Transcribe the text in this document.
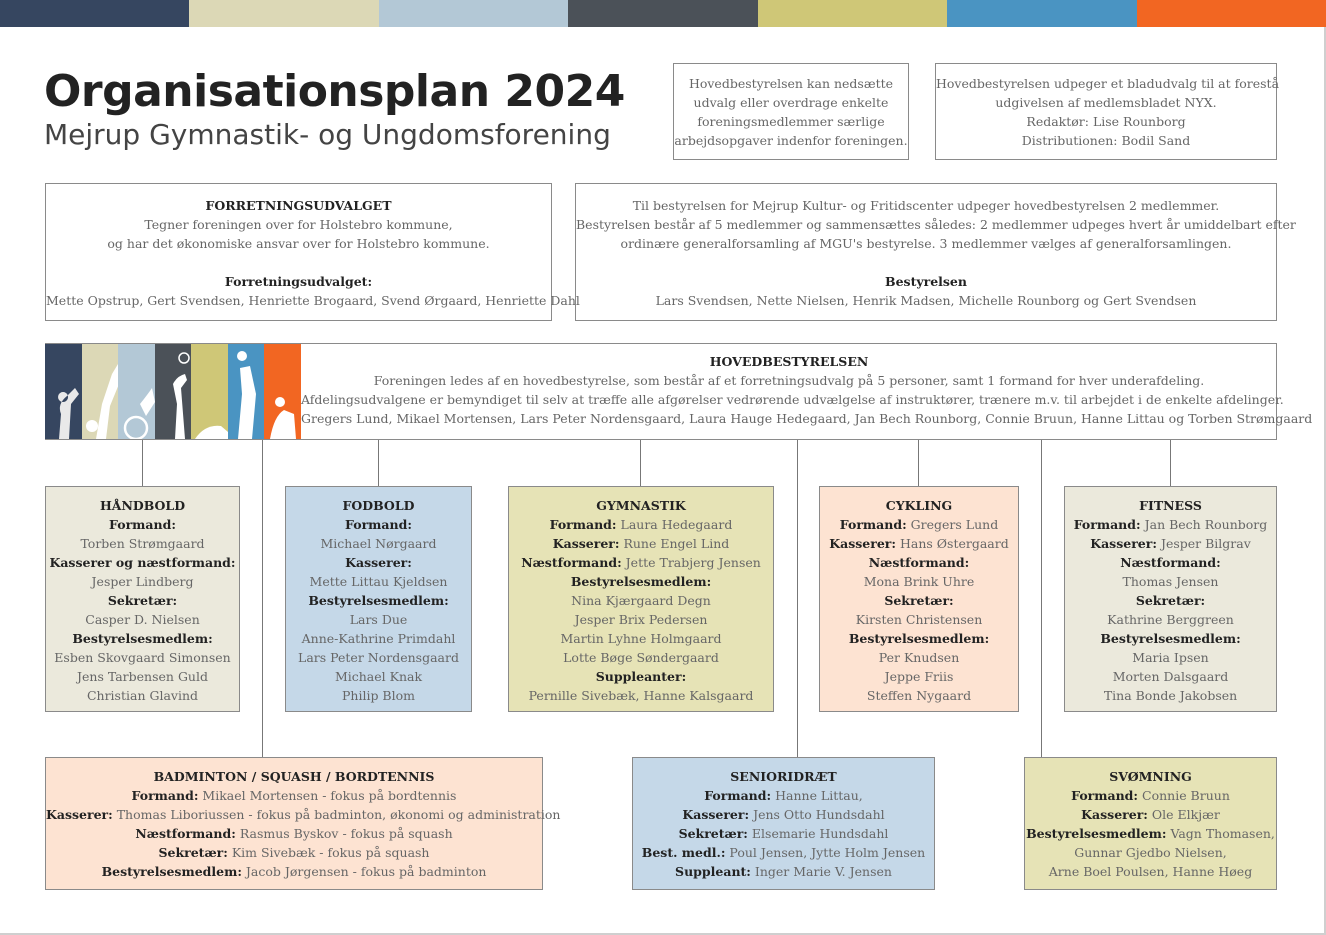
Organisationsplan 2024
Mejrup Gymnastik- og Ungdomsforening
Hovedbestyrelsen kan nedsætte
udvalg eller overdrage enkelte
foreningsmedlemmer særlige
arbejdsopgaver indenfor foreningen.
Hovedbestyrelsen udpeger et bladudvalg til at forestå
udgivelsen af medlemsbladet NYX.
Redaktør: Lise Rounborg
Distributionen: Bodil Sand
FORRETNINGSUDVALGET
Tegner foreningen over for Holstebro kommune,
og har det økonomiske ansvar over for Holstebro kommune.

Forretningsudvalget:
Mette Opstrup, Gert Svendsen, Henriette Brogaard, Svend Ørgaard, Henriette Dahl
Til bestyrelsen for Mejrup Kultur- og Fritidscenter udpeger hovedbestyrelsen 2 medlemmer.
Bestyrelsen består af 5 medlemmer og sammensættes således: 2 medlemmer udpeges hvert år umiddelbart efter
ordinære generalforsamling af MGU's bestyrelse. 3 medlemmer vælges af generalforsamlingen.

Bestyrelsen
Lars Svendsen, Nette Nielsen, Henrik Madsen, Michelle Rounborg og Gert Svendsen
HOVEDBESTYRELSEN
Foreningen ledes af en hovedbestyrelse, som består af et forretningsudvalg på 5 personer, samt 1 formand for hver underafdeling.
Afdelingsudvalgene er bemyndiget til selv at træffe alle afgørelser vedrørende udvælgelse af instruktører, trænere m.v. til arbejdet i de enkelte afdelinger.
Gregers Lund, Mikael Mortensen, Lars Peter Nordensgaard, Laura Hauge Hedegaard, Jan Bech Rounborg, Connie Bruun, Hanne Littau og Torben Strømgaard
HÅNDBOLD
Formand:
Torben Strømgaard
Kasserer og næstformand:
Jesper Lindberg
Sekretær:
Casper D. Nielsen
Bestyrelsesmedlem:
Esben Skovgaard Simonsen
Jens Tarbensen Guld
Christian Glavind
FODBOLD
Formand:
Michael Nørgaard
Kasserer:
Mette Littau Kjeldsen
Bestyrelsesmedlem:
Lars Due
Anne-Kathrine Primdahl
Lars Peter Nordensgaard
Michael Knak
Philip Blom
GYMNASTIK
Formand: Laura Hedegaard
Kasserer: Rune Engel Lind
Næstformand: Jette Trabjerg Jensen
Bestyrelsesmedlem:
Nina Kjærgaard Degn
Jesper Brix Pedersen
Martin Lyhne Holmgaard
Lotte Bøge Søndergaard
Suppleanter:
Pernille Sivebæk, Hanne Kalsgaard
CYKLING
Formand: Gregers Lund
Kasserer: Hans Østergaard
Næstformand:
Mona Brink Uhre
Sekretær:
Kirsten Christensen
Bestyrelsesmedlem:
Per Knudsen
Jeppe Friis
Steffen Nygaard
FITNESS
Formand: Jan Bech Rounborg
Kasserer: Jesper Bilgrav
Næstformand:
Thomas Jensen
Sekretær:
Kathrine Berggreen
Bestyrelsesmedlem:
Maria Ipsen
Morten Dalsgaard
Tina Bonde Jakobsen
BADMINTON / SQUASH / BORDTENNIS
Formand: Mikael Mortensen - fokus på bordtennis
Kasserer: Thomas Liboriussen - fokus på badminton, økonomi og administration
Næstformand: Rasmus Byskov - fokus på squash
Sekretær: Kim Sivebæk - fokus på squash
Bestyrelsesmedlem: Jacob Jørgensen - fokus på badminton
SENIORIDRÆT
Formand: Hanne Littau,
Kasserer: Jens Otto Hundsdahl
Sekretær: Elsemarie Hundsdahl
Best. medl.: Poul Jensen, Jytte Holm Jensen
Suppleant: Inger Marie V. Jensen
SVØMNING
Formand: Connie Bruun
Kasserer: Ole Elkjær
Bestyrelsesmedlem: Vagn Thomasen,
Gunnar Gjedbo Nielsen,
Arne Boel Poulsen, Hanne Høeg
